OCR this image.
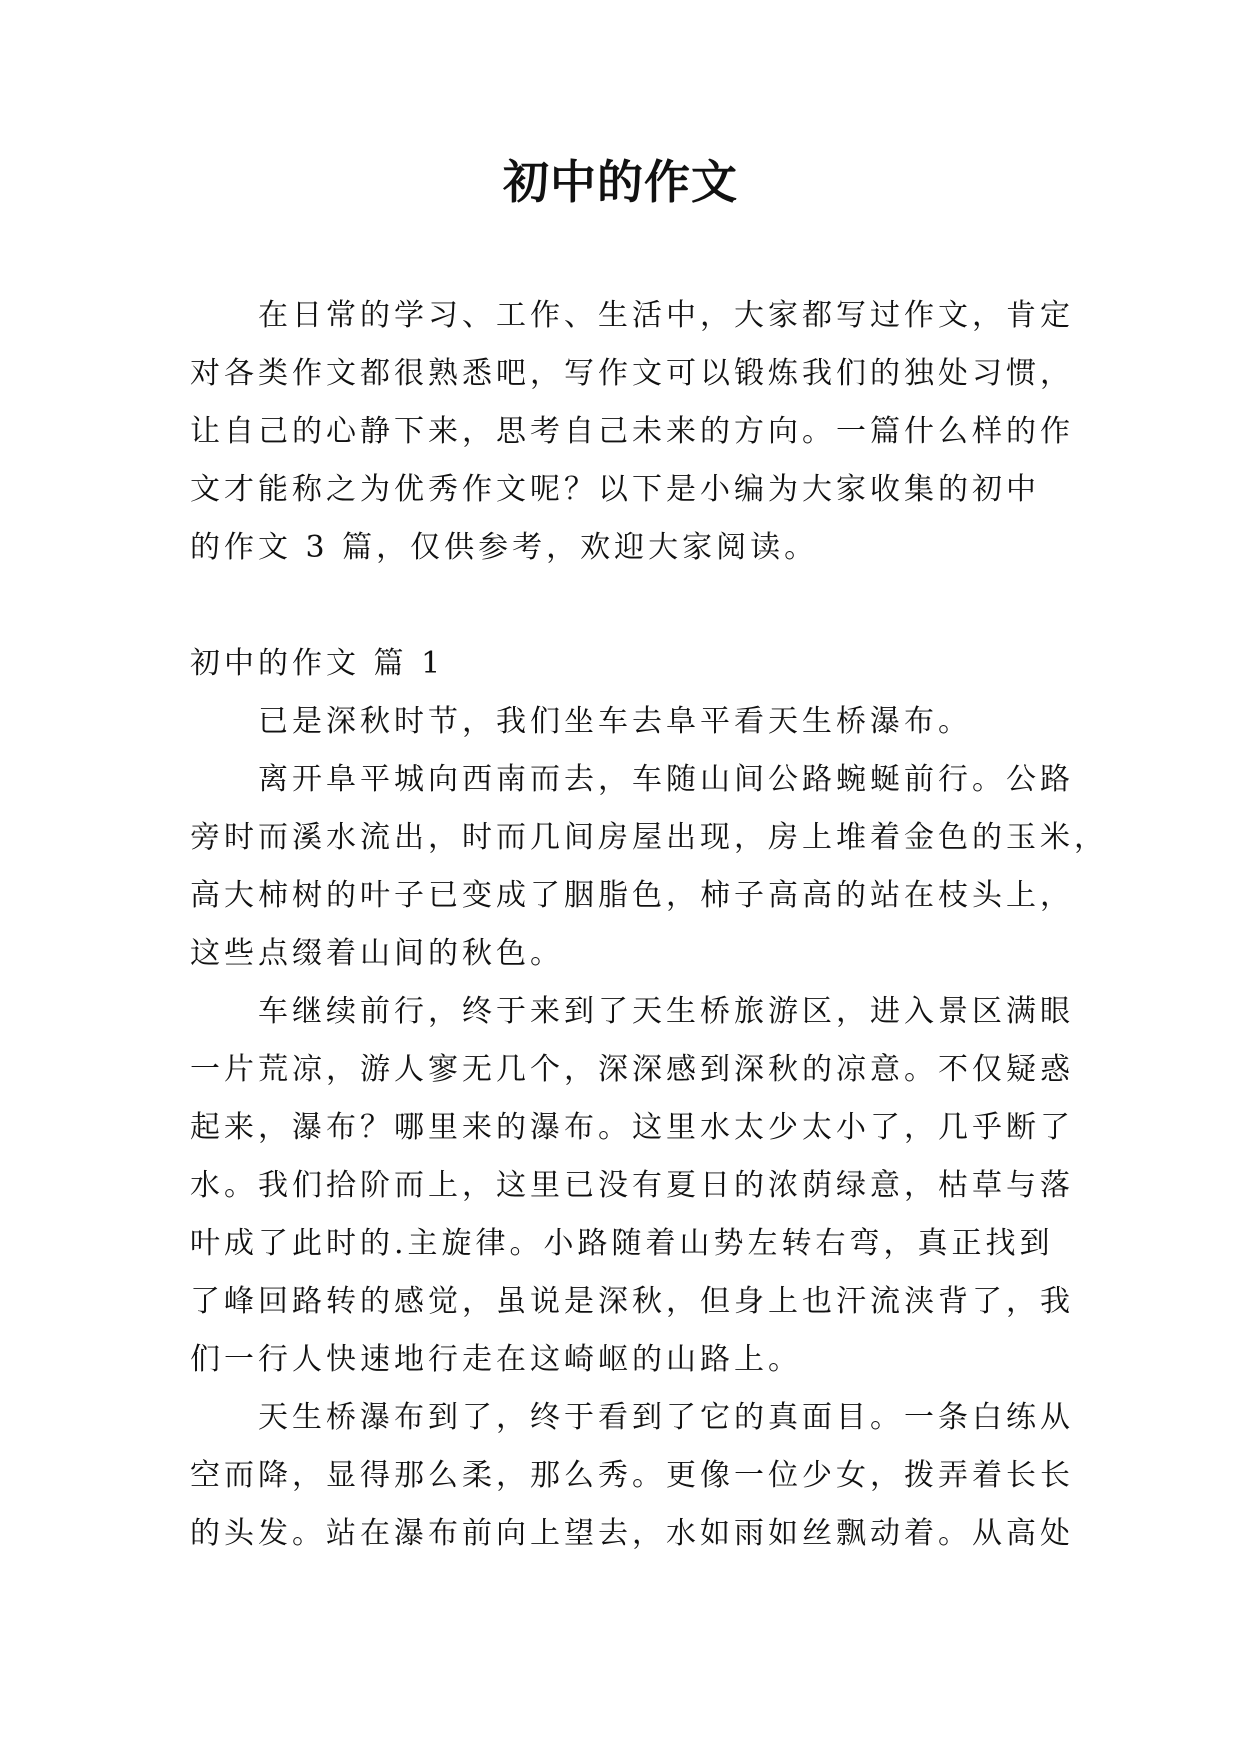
初中的作文
在日常的学习、工作、生活中，大家都写过作文，肯定
对各类作文都很熟悉吧，写作文可以锻炼我们的独处习惯，
让自己的心静下来，思考自己未来的方向。一篇什么样的作
文才能称之为优秀作文呢？以下是小编为大家收集的初中
的作文 3 篇，仅供参考，欢迎大家阅读。
初中的作文 篇 1
已是深秋时节，我们坐车去阜平看天生桥瀑布。
离开阜平城向西南而去，车随山间公路蜿蜒前行。公路
旁时而溪水流出，时而几间房屋出现，房上堆着金色的玉米，
高大柿树的叶子已变成了胭脂色，柿子高高的站在枝头上，
这些点缀着山间的秋色。
车继续前行，终于来到了天生桥旅游区，进入景区满眼
一片荒凉，游人寥无几个，深深感到深秋的凉意。不仅疑惑
起来，瀑布？哪里来的瀑布。这里水太少太小了，几乎断了
水。我们拾阶而上，这里已没有夏日的浓荫绿意，枯草与落
叶成了此时的.主旋律。小路随着山势左转右弯，真正找到
了峰回路转的感觉，虽说是深秋，但身上也汗流浃背了，我
们一行人快速地行走在这崎岖的山路上。
天生桥瀑布到了，终于看到了它的真面目。一条白练从
空而降，显得那么柔，那么秀。更像一位少女，拨弄着长长
的头发。站在瀑布前向上望去，水如雨如丝飘动着。从高处
